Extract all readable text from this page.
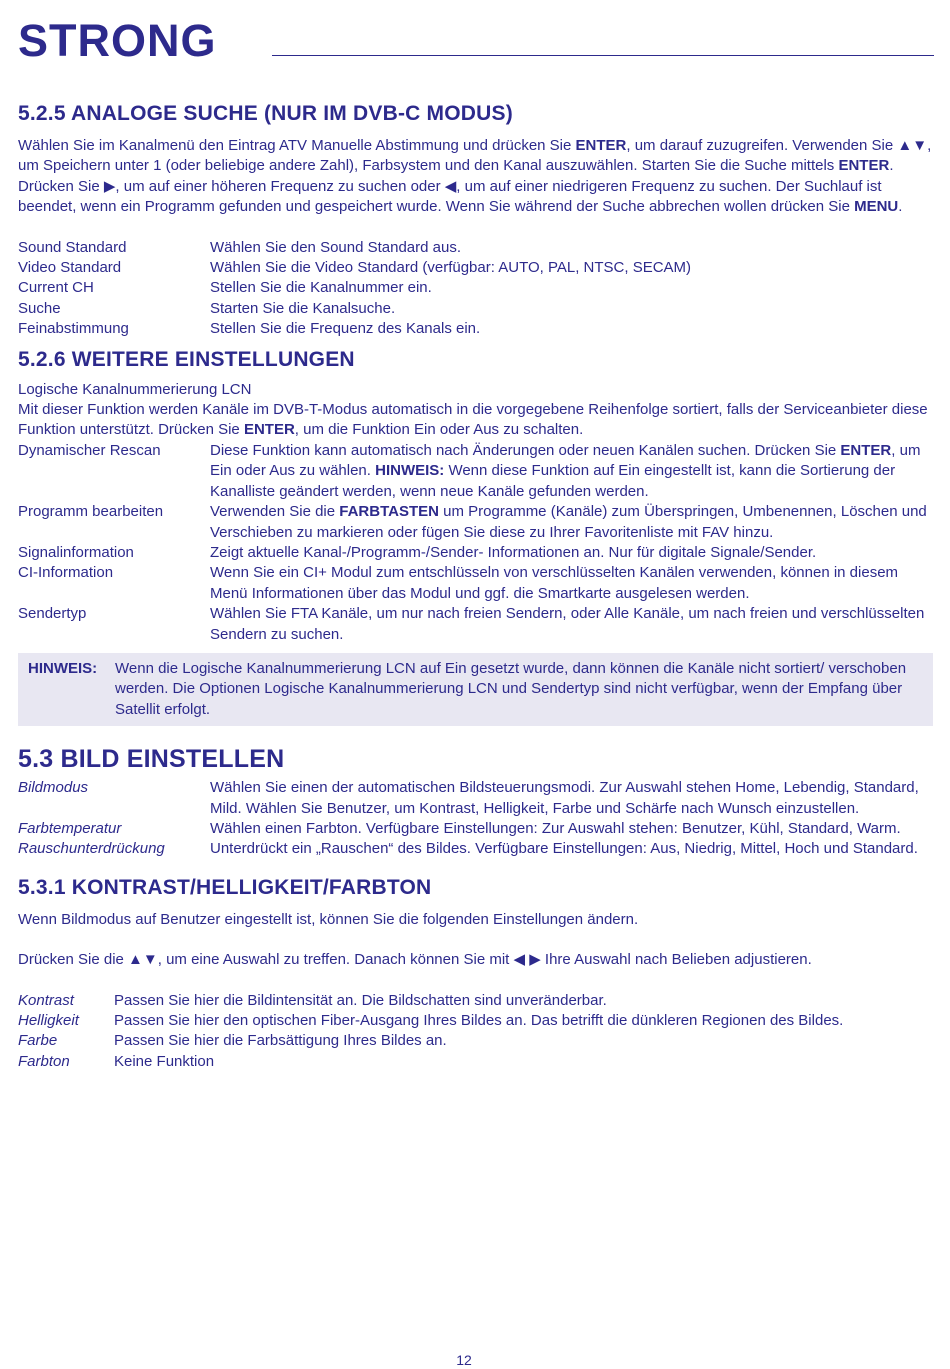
STRONG
5.2.5 ANALOGE SUCHE (NUR IM DVB-C MODUS)

Wählen Sie im Kanalmenü den Eintrag ATV Manuelle Abstimmung und drücken Sie ENTER, um darauf zuzugreifen. Verwenden Sie ▲▼, um Speichern unter 1 (oder beliebige andere Zahl), Farbsystem und den Kanal auszuwählen. Starten Sie die Suche mittels ENTER. Drücken Sie ▶, um auf einer höheren Frequenz zu suchen oder ◀, um auf einer niedrigeren Frequenz zu suchen. Der Suchlauf ist beendet, wenn ein Programm gefunden und gespeichert wurde. Wenn Sie während der Suche abbrechen wollen drücken Sie MENU.

Sound Standard	Wählen Sie den Sound Standard aus.
Video Standard	Wählen Sie die Video Standard (verfügbar: AUTO, PAL, NTSC, SECAM)
Current CH	Stellen Sie die Kanalnummer ein.
Suche	Starten Sie die Kanalsuche.
Feinabstimmung	Stellen Sie die Frequenz des Kanals ein.
5.2.6 WEITERE EINSTELLUNGEN

Logische Kanalnummerierung LCN

Mit dieser Funktion werden Kanäle im DVB-T-Modus automatisch in die vorgegebene Reihenfolge sortiert, falls der Serviceanbieter diese Funktion unterstützt. Drücken Sie ENTER, um die Funktion Ein oder Aus zu schalten.

Dynamischer Rescan	Diese Funktion kann automatisch nach Änderungen oder neuen Kanälen suchen. Drücken Sie ENTER, um Ein oder Aus zu wählen. HINWEIS: Wenn diese Funktion auf Ein eingestellt ist, kann die Sortierung der Kanalliste geändert werden, wenn neue Kanäle gefunden werden.
Programm bearbeiten	Verwenden Sie die FARBTASTEN um Programme (Kanäle) zum Überspringen, Umbenennen, Löschen und Verschieben zu markieren oder fügen Sie diese zu Ihrer Favoritenliste mit FAV hinzu.
Signalinformation	Zeigt aktuelle Kanal-/Programm-/Sender- Informationen an. Nur für digitale Signale/Sender.
CI-Information	Wenn Sie ein CI+ Modul zum entschlüsseln von verschlüsselten Kanälen verwenden, können in diesem Menü Informationen über das Modul und ggf. die Smartkarte ausgelesen werden.
Sendertyp	Wählen Sie FTA Kanäle, um nur nach freien Sendern, oder Alle Kanäle, um nach freien und verschlüsselten Sendern zu suchen.
HINWEIS:	Wenn die Logische Kanalnummerierung LCN auf Ein gesetzt wurde, dann können die Kanäle nicht sortiert/ verschoben werden. Die Optionen Logische Kanalnummerierung LCN und Sendertyp sind nicht verfügbar, wenn der Empfang über Satellit erfolgt.
5.3 BILD EINSTELLEN
Bildmodus	Wählen Sie einen der automatischen Bildsteuerungsmodi. Zur Auswahl stehen Home, Lebendig, Standard, Mild. Wählen Sie Benutzer, um Kontrast, Helligkeit, Farbe und Schärfe nach Wunsch einzustellen.
Farbtemperatur	Wählen einen Farbton. Verfügbare Einstellungen: Zur Auswahl stehen: Benutzer, Kühl, Standard, Warm.
Rauschunterdrückung	Unterdrückt ein „Rauschen“ des Bildes. Verfügbare Einstellungen: Aus, Niedrig, Mittel, Hoch und Standard.
5.3.1 KONTRAST/HELLIGKEIT/FARBTON

Wenn Bildmodus auf Benutzer eingestellt ist, können Sie die folgenden Einstellungen ändern.

Drücken Sie die ▲▼, um eine Auswahl zu treffen. Danach können Sie mit ◀ ▶ Ihre Auswahl nach Belieben adjustieren.

Kontrast	Passen Sie hier die Bildintensität an. Die Bildschatten sind unveränderbar.
Helligkeit	Passen Sie hier den optischen Fiber-Ausgang Ihres Bildes an. Das betrifft die dünkleren Regionen des Bildes.
Farbe	Passen Sie hier die Farbsättigung Ihres Bildes an.
Farbton	Keine Funktion
12
